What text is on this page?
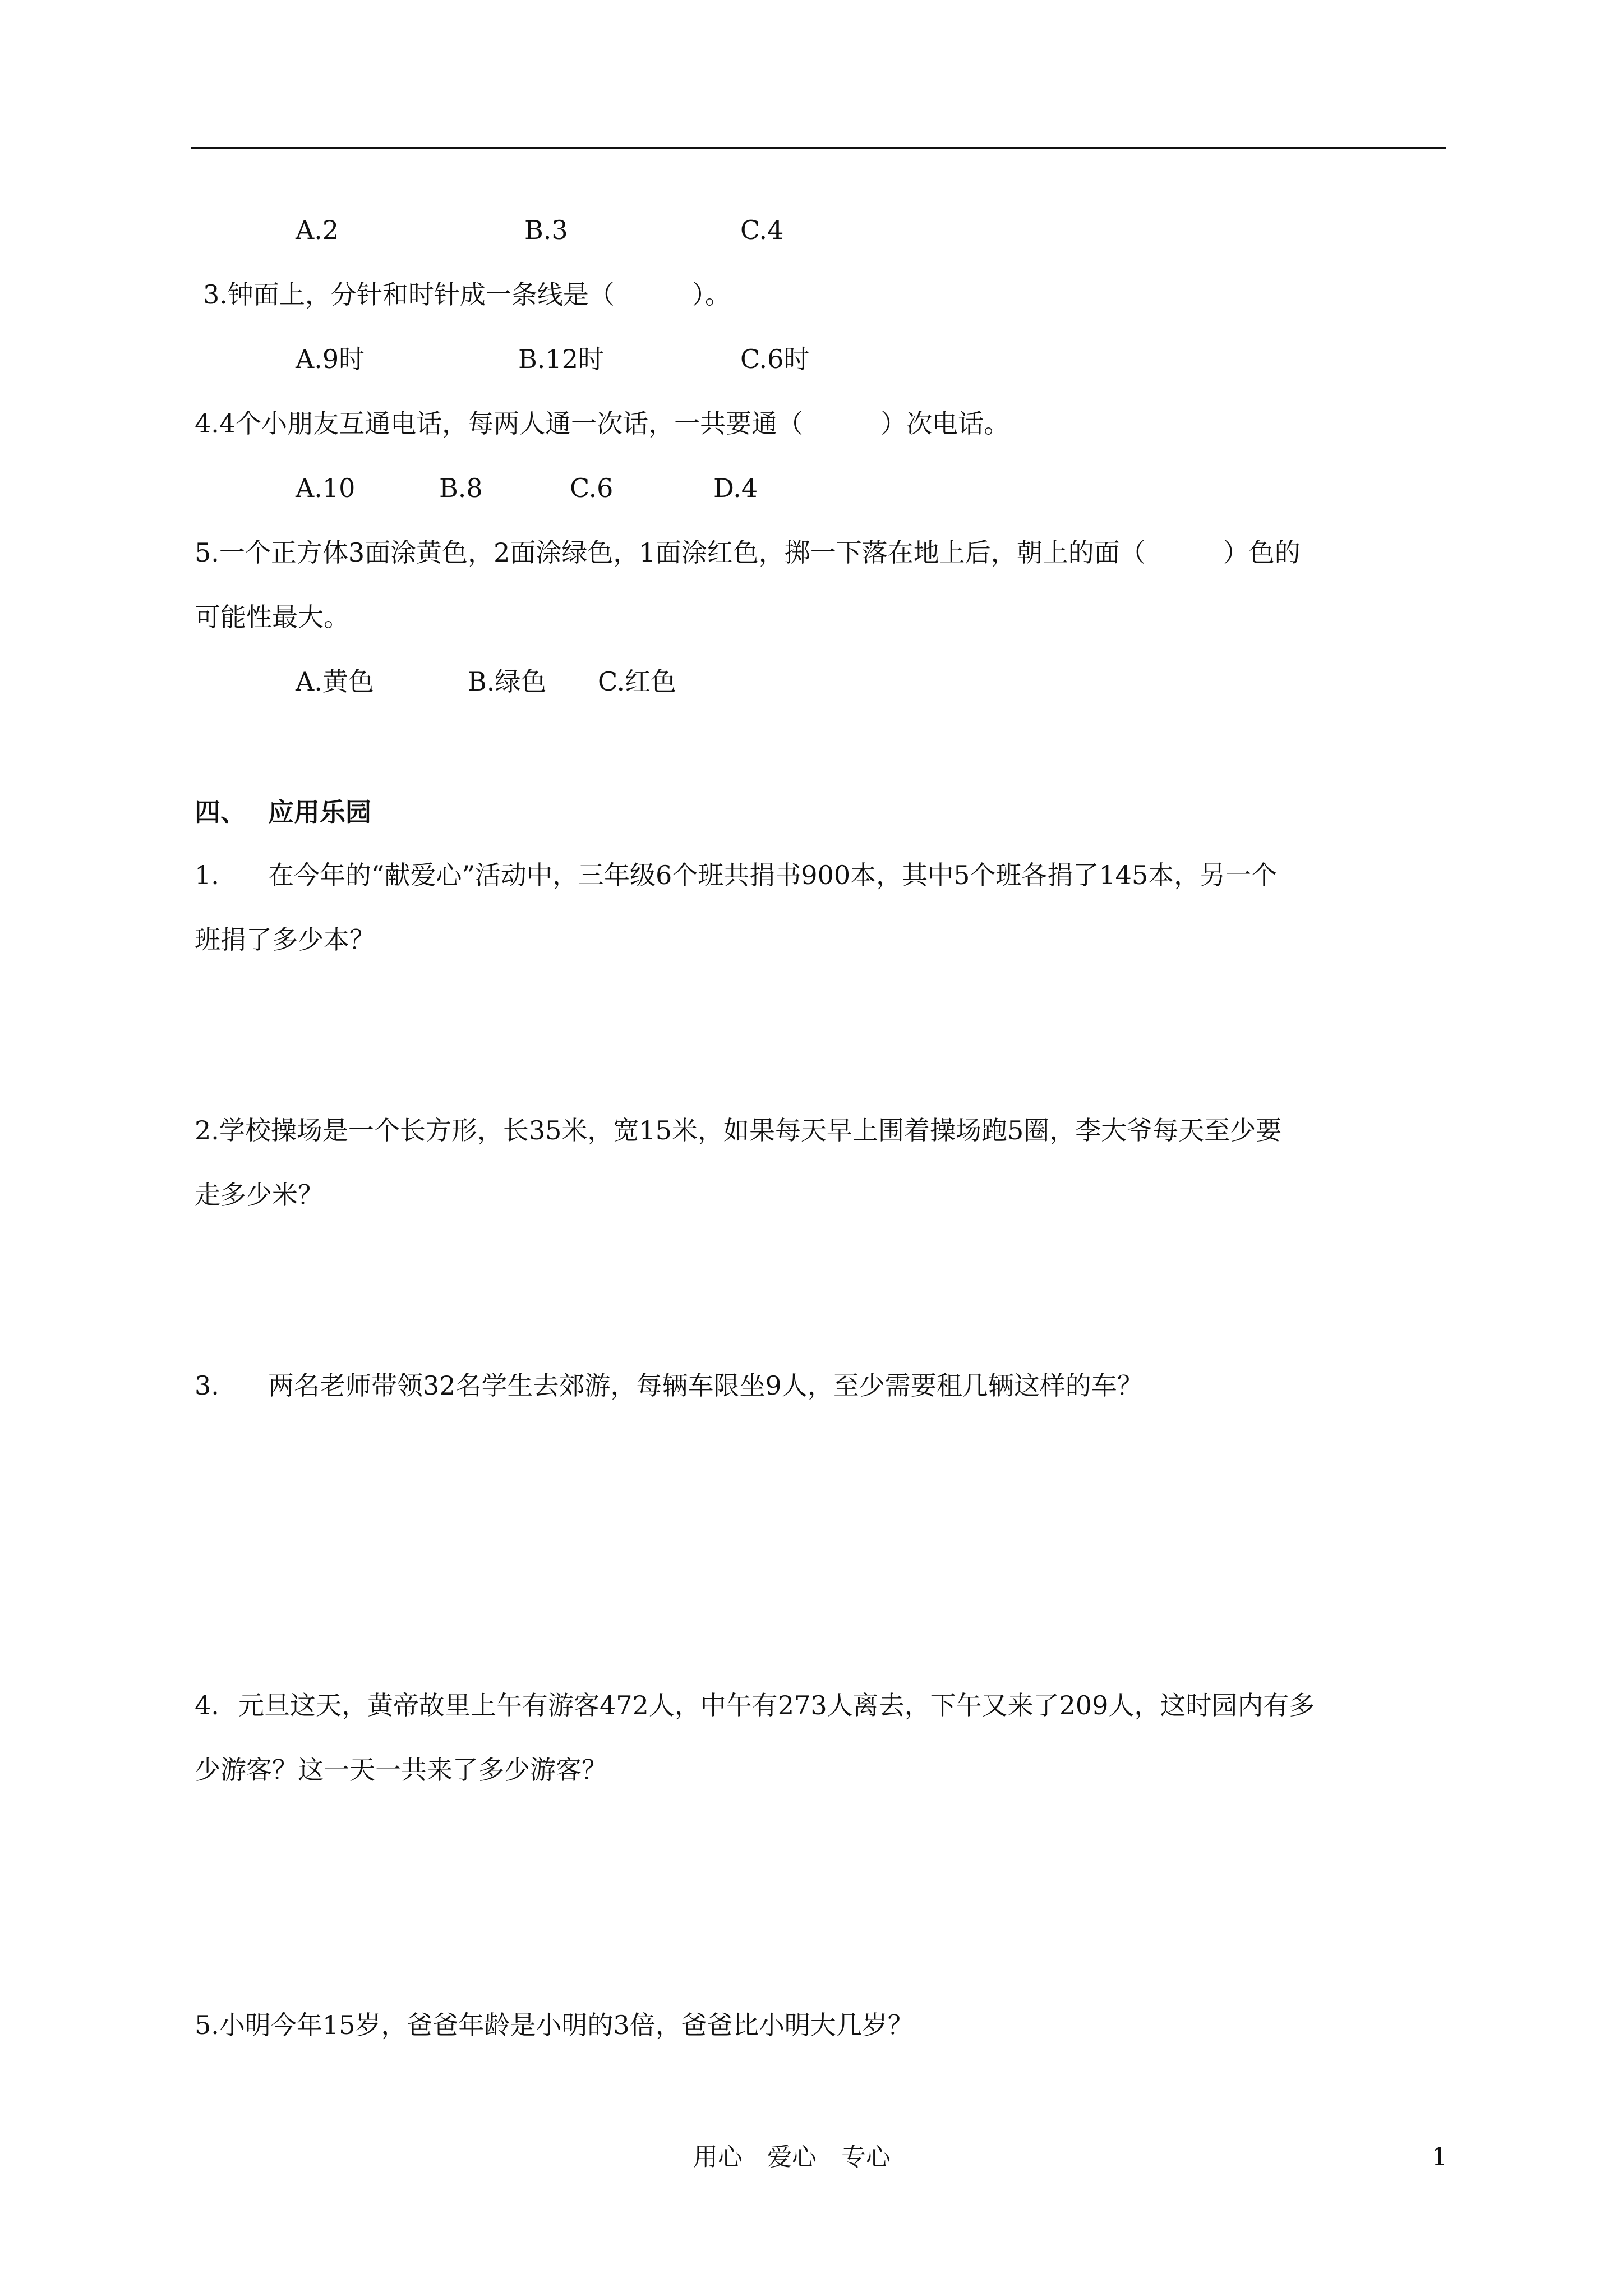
A.2	B.3	C.4
3.钟面上，分针和时针成一条线是（　　　）。
A.9时	B.12时	C.6时
4.4个小朋友互通电话，每两人通一次话，一共要通（　　　）次电话。
A.10	B.8	C.6	D.4
5.一个正方体3面涂黄色，2面涂绿色，1面涂红色，掷一下落在地上后，朝上的面（　　　）色的
可能性最大。
A.黄色	B.绿色 C.红色
四、 应用乐园
1. 在今年的“献爱心”活动中，三年级6个班共捐书900本，其中5个班各捐了145本，另一个
班捐了多少本？
2.学校操场是一个长方形，长35米，宽15米，如果每天早上围着操场跑5圈，李大爷每天至少要
走多少米？
3. 两名老师带领32名学生去郊游，每辆车限坐9人，至少需要租几辆这样的车？
4. 元旦这天，黄帝故里上午有游客472人，中午有273人离去，下午又来了209人，这时园内有多
少游客？这一天一共来了多少游客？
5.小明今年15岁，爸爸年龄是小明的3倍，爸爸比小明大几岁？
用心　爱心　专心	1
